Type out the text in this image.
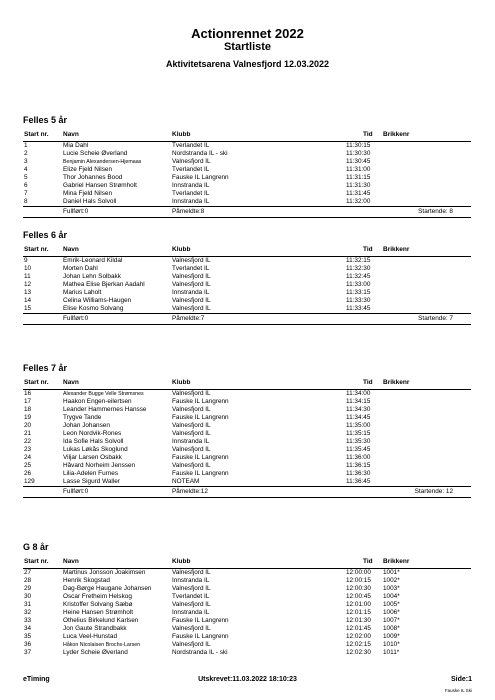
Actionrennet 2022
Startliste
Aktivitetsarena Valnesfjord 12.03.2022
Felles 5 år
Start nr.	Navn	Klubb	Tid	Brikkenr
1	Mia Dahl	Tverlandet IL	11:30:15
2	Lucie Scheie Øverland	Nordstranda IL - ski	11:30:30
3	Benjamin Alexandersen-Hjemaas	Valnesfjord IL	11:30:45
4	Elize Fjeld Nilsen	Tverlandet IL	11:31:00
5	Thor Johannes Bood	Fauske IL Langrenn	11:31:15
6	Gabriel Hansen Strømholt	Innstranda IL	11:31:30
7	Mina Fjeld Nilsen	Tverlandet IL	11:31:45
8	Daniel Hals Solvoll	Innstranda IL	11:32:00
Fullført:0	Påmeldte:8	Startende: 8
Felles 6 år
Start nr.	Navn	Klubb	Tid	Brikkenr
9	Emrik-Leonard Kildal	Valnesfjord IL	11:32:15
10	Morten Dahl	Tverlandet IL	11:32:30
11	Johan Lehn Solbakk	Valnesfjord IL	11:32:45
12	Mathea Elise Bjerkan Aadahl	Valnesfjord IL	11:33:00
13	Marius Laholt	Innstranda IL	11:33:15
14	Celina Williams-Haugen	Valnesfjord IL	11:33:30
15	Elise Kosmo Solvang	Valnesfjord IL	11:33:45
Fullført:0	Påmeldte:7	Startende: 7
Felles 7 år
Start nr.	Navn	Klubb	Tid	Brikkenr
16	Alexander Bugge Velle Strømsnes	Valnesfjord IL	11:34:00
17	Haakon Engen-eilertsen	Fauske IL Langrenn	11:34:15
18	Leander Hammernes Hansse	Valnesfjord IL	11:34:30
19	Trygve Tande	Fauske IL Langrenn	11:34:45
20	Johan Johansen	Valnesfjord IL	11:35:00
21	Leon Nordvik-Rones	Valnesfjord IL	11:35:15
22	Ida Sofie Hals Solvoll	Innstranda IL	11:35:30
23	Lukas Løkås Skoglund	Valnesfjord IL	11:35:45
24	Viljar Larsen Osbakk	Fauske IL Langrenn	11:36:00
25	Håvard Norheim Jenssen	Valnesfjord IL	11:36:15
26	Lilia-Adelen Furnes	Fauske IL Langrenn	11:36:30
129	Lasse Sigurd Waller	NOTEAM	11:36:45
Fullført:0	Påmeldte:12	Startende: 12
G 8 år
Start nr.	Navn	Klubb	Tid	Brikkenr
27	Martinus Jonsson Joakimsen	Valnesfjord IL	12:00:00	1001*
28	Henrik Skogstad	Innstranda IL	12:00:15	1002*
29	Dag-Børge Haugane Johansen	Valnesfjord IL	12:00:30	1003*
30	Oscar Fretheim Helskog	Tverlandet IL	12:00:45	1004*
31	Kristoffer Solvang Sæbø	Valnesfjord IL	12:01:00	1005*
32	Heine Hansen Strømholt	Innstranda IL	12:01:15	1006*
33	Othelius Birkelund Karlsen	Fauske IL Langrenn	12:01:30	1007*
34	Jon Gaute Strandbakk	Valnesfjord IL	12:01:45	1008*
35	Luca Veel-Hunstad	Fauske IL Langrenn	12:02:00	1009*
36	Håkon Nicolaisen Brochs-Larsen	Valnesfjord IL	12:02:15	1010*
37	Lyder Scheie Øverland	Nordstranda IL - ski	12:02:30	1011*
eTiming	Utskrevet:11.03.2022 18:10:23	Side:1
Fauske IL Ski
